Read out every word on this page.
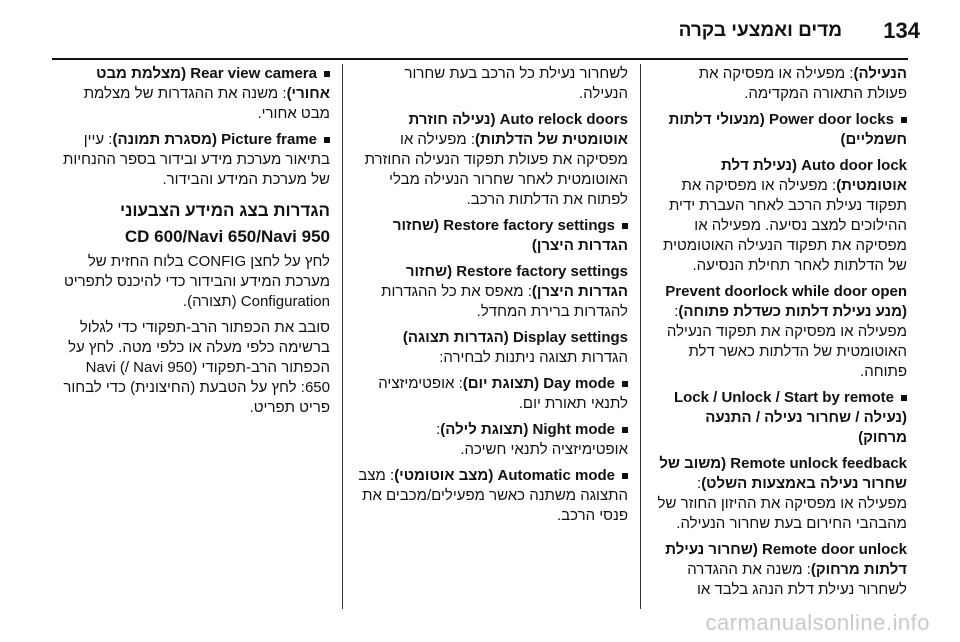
134
מדים ואמצעי בקרה
הנעילה): מפעילה או מפסיקה את פעולת התאורה המקדימה.
Power door locks (מנעולי דלתות חשמליים)
Auto door lock (נעילת דלת אוטומטית): מפעילה או מפסיקה את תפקוד נעילת הרכב לאחר העברת ידית ההילוכים למצב נסיעה. מפעילה או מפסיקה את תפקוד הנעילה האוטומטית של הדלתות לאחר תחילת הנסיעה.
Prevent doorlock while door open (מנע נעילת דלתות כשדלת פתוחה): מפעילה או מפסיקה את תפקוד הנעילה האוטומטית של הדלתות כאשר דלת פתוחה.
Lock / Unlock / Start by remote (נעילה / שחרור נעילה / התנעה מרחוק)
Remote unlock feedback (משוב של שחרור נעילה באמצעות השלט): מפעילה או מפסיקה את ההיזון החוזר של מהבהבי החירום בעת שחרור הנעילה.
Remote door unlock (שחרור נעילת דלתות מרחוק): משנה את ההגדרה לשחרור נעילת דלת הנהג בלבד או
לשחרור נעילת כל הרכב בעת שחרור הנעילה.
Auto relock doors (נעילה חוזרת אוטומטית של הדלתות): מפעילה או מפסיקה את פעולת תפקוד הנעילה החוזרת האוטומטית לאחר שחרור הנעילה מבלי לפתוח את הדלתות הרכב.
Restore factory settings (שחזור הגדרות היצרן)
Restore factory settings (שחזור הגדרות היצרן): מאפס את כל ההגדרות להגדרות ברירת המחדל.
Display settings (הגדרות תצוגה) הגדרות תצוגה ניתנות לבחירה:
Day mode (תצוגת יום): אופטימיזציה לתנאי תאורת יום.
Night mode (תצוגת לילה): אופטימיזציה לתנאי חשיכה.
Automatic mode (מצב אוטומטי): מצב התצוגה משתנה כאשר מפעילים/מכבים את פנסי הרכב.
Rear view camera (מצלמת מבט אחורי): משנה את ההגדרות של מצלמת מבט אחורי.
Picture frame (מסגרת תמונה): עיין בתיאור מערכת מידע ובידור בספר ההנחיות של מערכת המידע והבידור.
הגדרות בצג המידע הצבעוני
CD 600/Navi 650/Navi 950
לחץ על לחצן CONFIG בלוח החזית של מערכת המידע והבידור כדי להיכנס לתפריט Configuration (תצורה).
סובב את הכפתור הרב-תפקודי כדי לגלול ברשימה כלפי מעלה או כלפי מטה. לחץ על הכפתור הרב-תפקודי (Navi 950 /) Navi 650: לחץ על הטבעת (החיצונית) כדי לבחור פריט תפריט.
carmanualsonline.info
